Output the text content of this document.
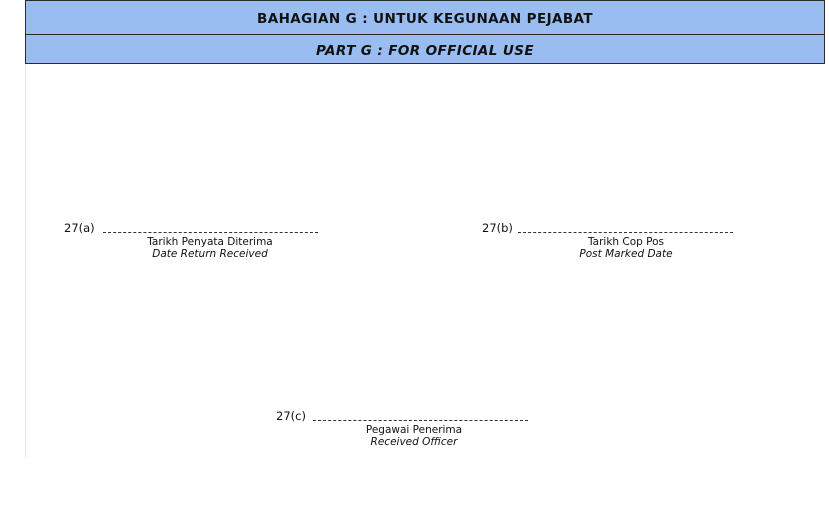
BAHAGIAN G : UNTUK KEGUNAAN PEJABAT
PART G : FOR OFFICIAL USE
27(a)
Tarikh Penyata Diterima
Date Return Received
27(b)
Tarikh Cop Pos
Post Marked Date
27(c)
Pegawai Penerima
Received Officer
